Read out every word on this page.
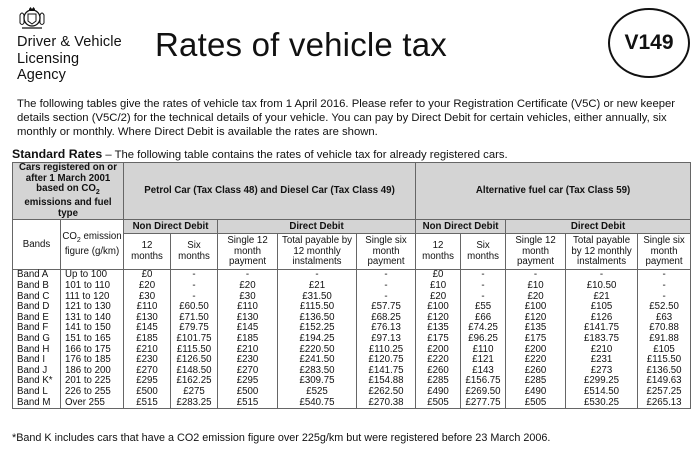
Driver & Vehicle
Licensing
Agency
Rates of vehicle tax	V149
The following tables give the rates of vehicle tax from 1 April 2016. Please refer to your Registration Certificate (V5C) or new keeper details section (V5C/2) for the technical details of your vehicle. You can pay by Direct Debit for certain vehicles, either annually, six monthly or monthly. Where Direct Debit is available the rates are shown.
Standard Rates – The following table contains the rates of vehicle tax for already registered cars.
Cars registered on or after 1 March 2001 based on $CO_2$ emissions and fuel type		Petrol Car (Tax Class 48) and Diesel Car (Tax Class 49)					Alternative fuel car (Tax Class 59)				
Bands	$CO_2$ emission figure (g/km)	Non Direct Debit		Direct Debit			Non Direct Debit		Direct Debit		
		12 months	Six months	Single 12 month payment	Total payable by 12 monthly instalments	Single six month payment	12 months	Six months	Single 12 month payment	Total payable by 12 monthly instalments	Single six month payment
Band A	Up to 100	£0	-	-	-	-	£0	-	-	-	-
Band B	101 to 110	£20	-	£20	£21	-	£10	-	£10	£10.50	-
Band C	111 to 120	£30	-	£30	£31.50	-	£20	-	£20	£21	-
Band D	121 to 130	£110	£60.50	£110	£115.50	£57.75	£100	£55	£100	£105	£52.50
Band E	131 to 140	£130	£71.50	£130	£136.50	£68.25	£120	£66	£120	£126	£63
Band F	141 to 150	£145	£79.75	£145	£152.25	£76.13	£135	£74.25	£135	£141.75	£70.88
Band G	151 to 165	£185	£101.75	£185	£194.25	£97.13	£175	£96.25	£175	£183.75	£91.88
Band H	166 to 175	£210	£115.50	£210	£220.50	£110.25	£200	£110	£200	£210	£105
Band I	176 to 185	£230	£126.50	£230	£241.50	£120.75	£220	£121	£220	£231	£115.50
Band J	186 to 200	£270	£148.50	£270	£283.50	£141.75	£260	£143	£260	£273	£136.50
Band K*	201 to 225	£295	£162.25	£295	£309.75	£154.88	£285	£156.75	£285	£299.25	£149.63
Band L	226 to 255	£500	£275	£500	£525	£262.50	£490	£269.50	£490	£514.50	£257.25
Band M	Over 255	£515	£283.25	£515	£540.75	£270.38	£505	£277.75	£505	£530.25	£265.13
*Band K includes cars that have a CO2 emission figure over 225g/km but were registered before 23 March 2006.
